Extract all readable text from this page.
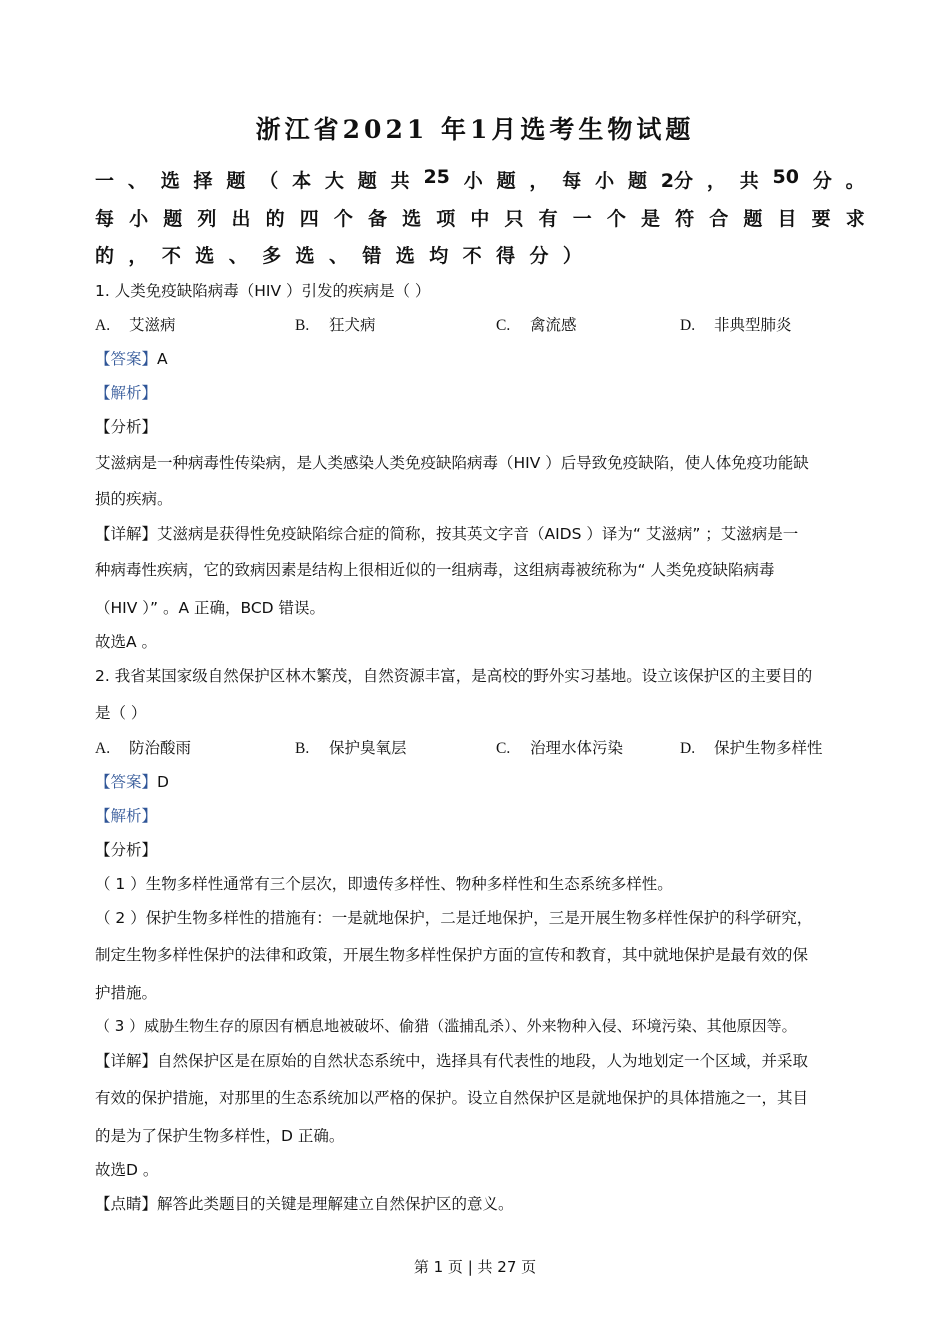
浙江省2021 年1月选考生物试题
一 、 选 择 题 （ 本 大 题 共 25 小 题 ， 每 小 题 2分 ， 共 50 分 。
每 小 题 列 出 的 四 个 备 选 项 中 只 有 一 个 是 符 合 题 目 要 求
的 ， 不 选 、 多 选 、 错 选 均 不 得 分 ）
1. 人类免疫缺陷病毒（HIV ）引发的疾病是（ ）
A. 艾滋病	B. 狂犬病	C. 禽流感	D. 非典型肺炎
【答案】A
【解析】
【分析】
艾滋病是一种病毒性传染病，是人类感染人类免疫缺陷病毒（HIV ）后导致免疫缺陷，使人体免疫功能缺
损的疾病。
【详解】艾滋病是获得性免疫缺陷综合症的简称，按其英文字音（AIDS ）译为“ 艾滋病” ；艾滋病是一
种病毒性疾病，它的致病因素是结构上很相近似的一组病毒，这组病毒被统称为“ 人类免疫缺陷病毒
（HIV ）” 。A 正确，BCD 错误。
故选A 。
2. 我省某国家级自然保护区林木繁茂，自然资源丰富，是高校的野外实习基地。设立该保护区的主要目的
是（ ）
A. 防治酸雨	B. 保护臭氧层	C. 治理水体污染	D. 保护生物多样性
【答案】D
【解析】
【分析】
（ 1 ）生物多样性通常有三个层次，即遗传多样性、物种多样性和生态系统多样性。
（ 2 ）保护生物多样性的措施有：一是就地保护，二是迁地保护，三是开展生物多样性保护的科学研究，
制定生物多样性保护的法律和政策，开展生物多样性保护方面的宣传和教育，其中就地保护是最有效的保
护措施。
（ 3 ）威胁生物生存的原因有栖息地被破坏、偷猎（滥捕乱杀）、外来物种入侵、环境污染、其他原因等。
【详解】自然保护区是在原始的自然状态系统中，选择具有代表性的地段，人为地划定一个区域，并采取
有效的保护措施，对那里的生态系统加以严格的保护。设立自然保护区是就地保护的具体措施之一，其目
的是为了保护生物多样性，D 正确。
故选D 。
【点睛】解答此类题目的关键是理解建立自然保护区的意义。
第 1 页 | 共 27 页
